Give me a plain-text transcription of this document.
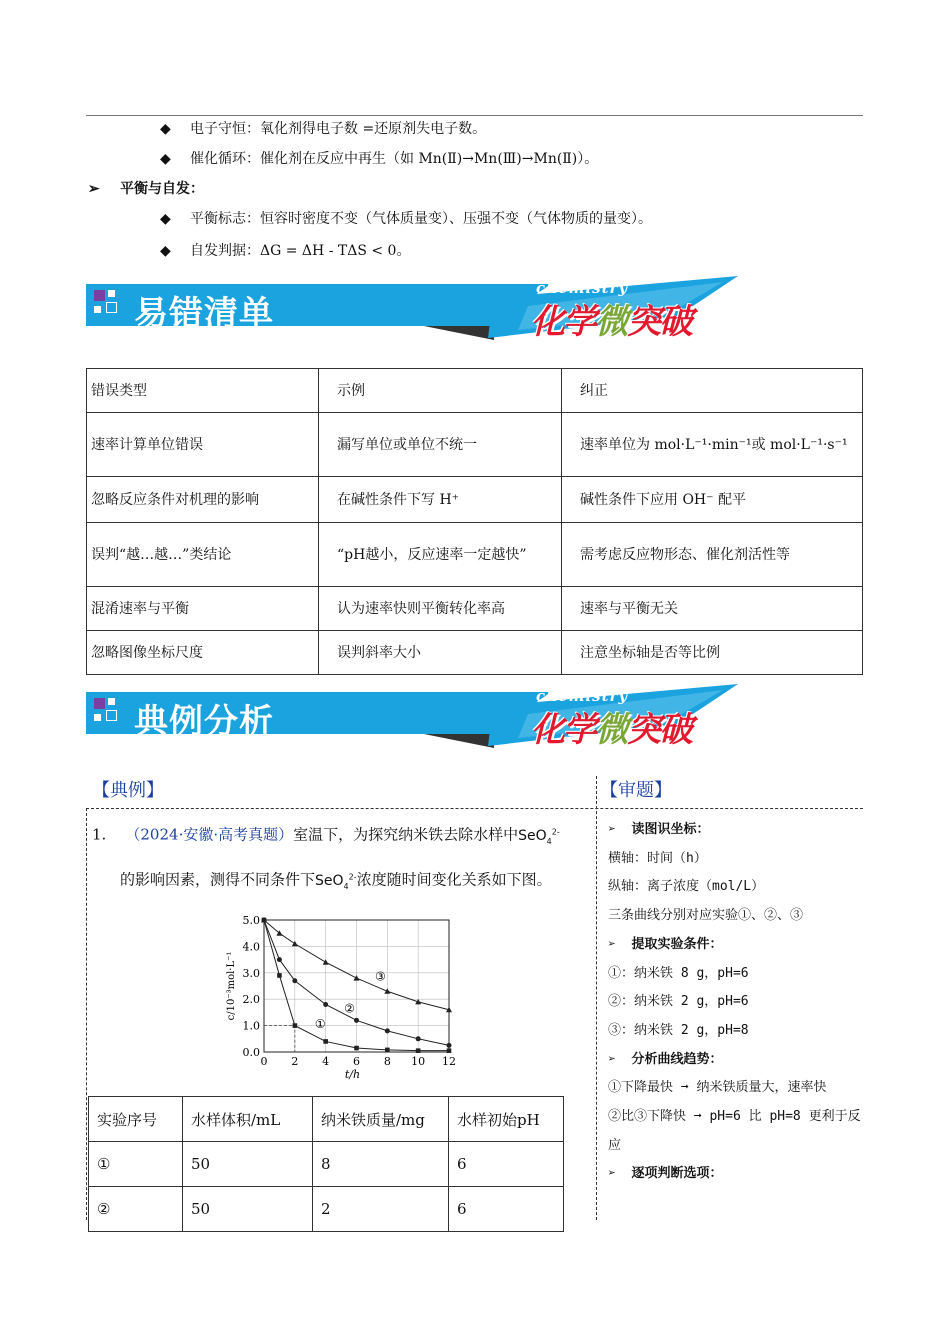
◆ 电子守恒：氧化剂得电子数 =还原剂失电子数。
◆ 催化循环：催化剂在反应中再生（如 Mn(Ⅱ)→Mn(Ⅲ)→Mn(Ⅱ)）。
➢ 平衡与自发：
◆ 平衡标志：恒容时密度不变（气体质量变）、压强不变（气体物质的量变）。
◆ 自发判据：ΔG = ΔH - TΔS < 0。
易错清单
chemistry
化学微突破
错误类型	示例	纠正
速率计算单位错误	漏写单位或单位不统一	速率单位为 mol·L⁻¹·min⁻¹或 mol·L⁻¹·s⁻¹
忽略反应条件对机理的影响	在碱性条件下写 H⁺	碱性条件下应用 OH⁻ 配平
误判“越…越…”类结论	“pH越小，反应速率一定越快”	需考虑反应物形态、催化剂活性等
混淆速率与平衡	认为速率快则平衡转化率高	速率与平衡无关
忽略图像坐标尺度	误判斜率大小	注意坐标轴是否等比例
典例分析
chemistry
化学微突破
【典例】	【审题】
1. （2024·安徽·高考真题）室温下，为探究纳米铁去除水样中SeO$_4^{2-}$
的影响因素，测得不同条件下SeO$_4^{2-}$浓度随时间变化关系如下图。
0 2 4 6 8 10 12
0.0
1.0
2.0
3.0
4.0
5.0
t/h
c/10⁻³mol·L⁻¹
①
②
③
实验序号	水样体积/mL	纳米铁质量/mg	水样初始pH
①	50	8	6
②	50	2	6
➢ 读图识坐标：
横轴：时间（h）
纵轴：离子浓度（mol/L）
三条曲线分别对应实验①、②、③
➢ 提取实验条件：
①：纳米铁 8 g，pH=6
②：纳米铁 2 g，pH=6
③：纳米铁 2 g，pH=8
➢ 分析曲线趋势：
①下降最快 ➞ 纳米铁质量大，速率快
②比③下降快 ➞ pH=6 比 pH=8 更利于反应
➢ 逐项判断选项：
